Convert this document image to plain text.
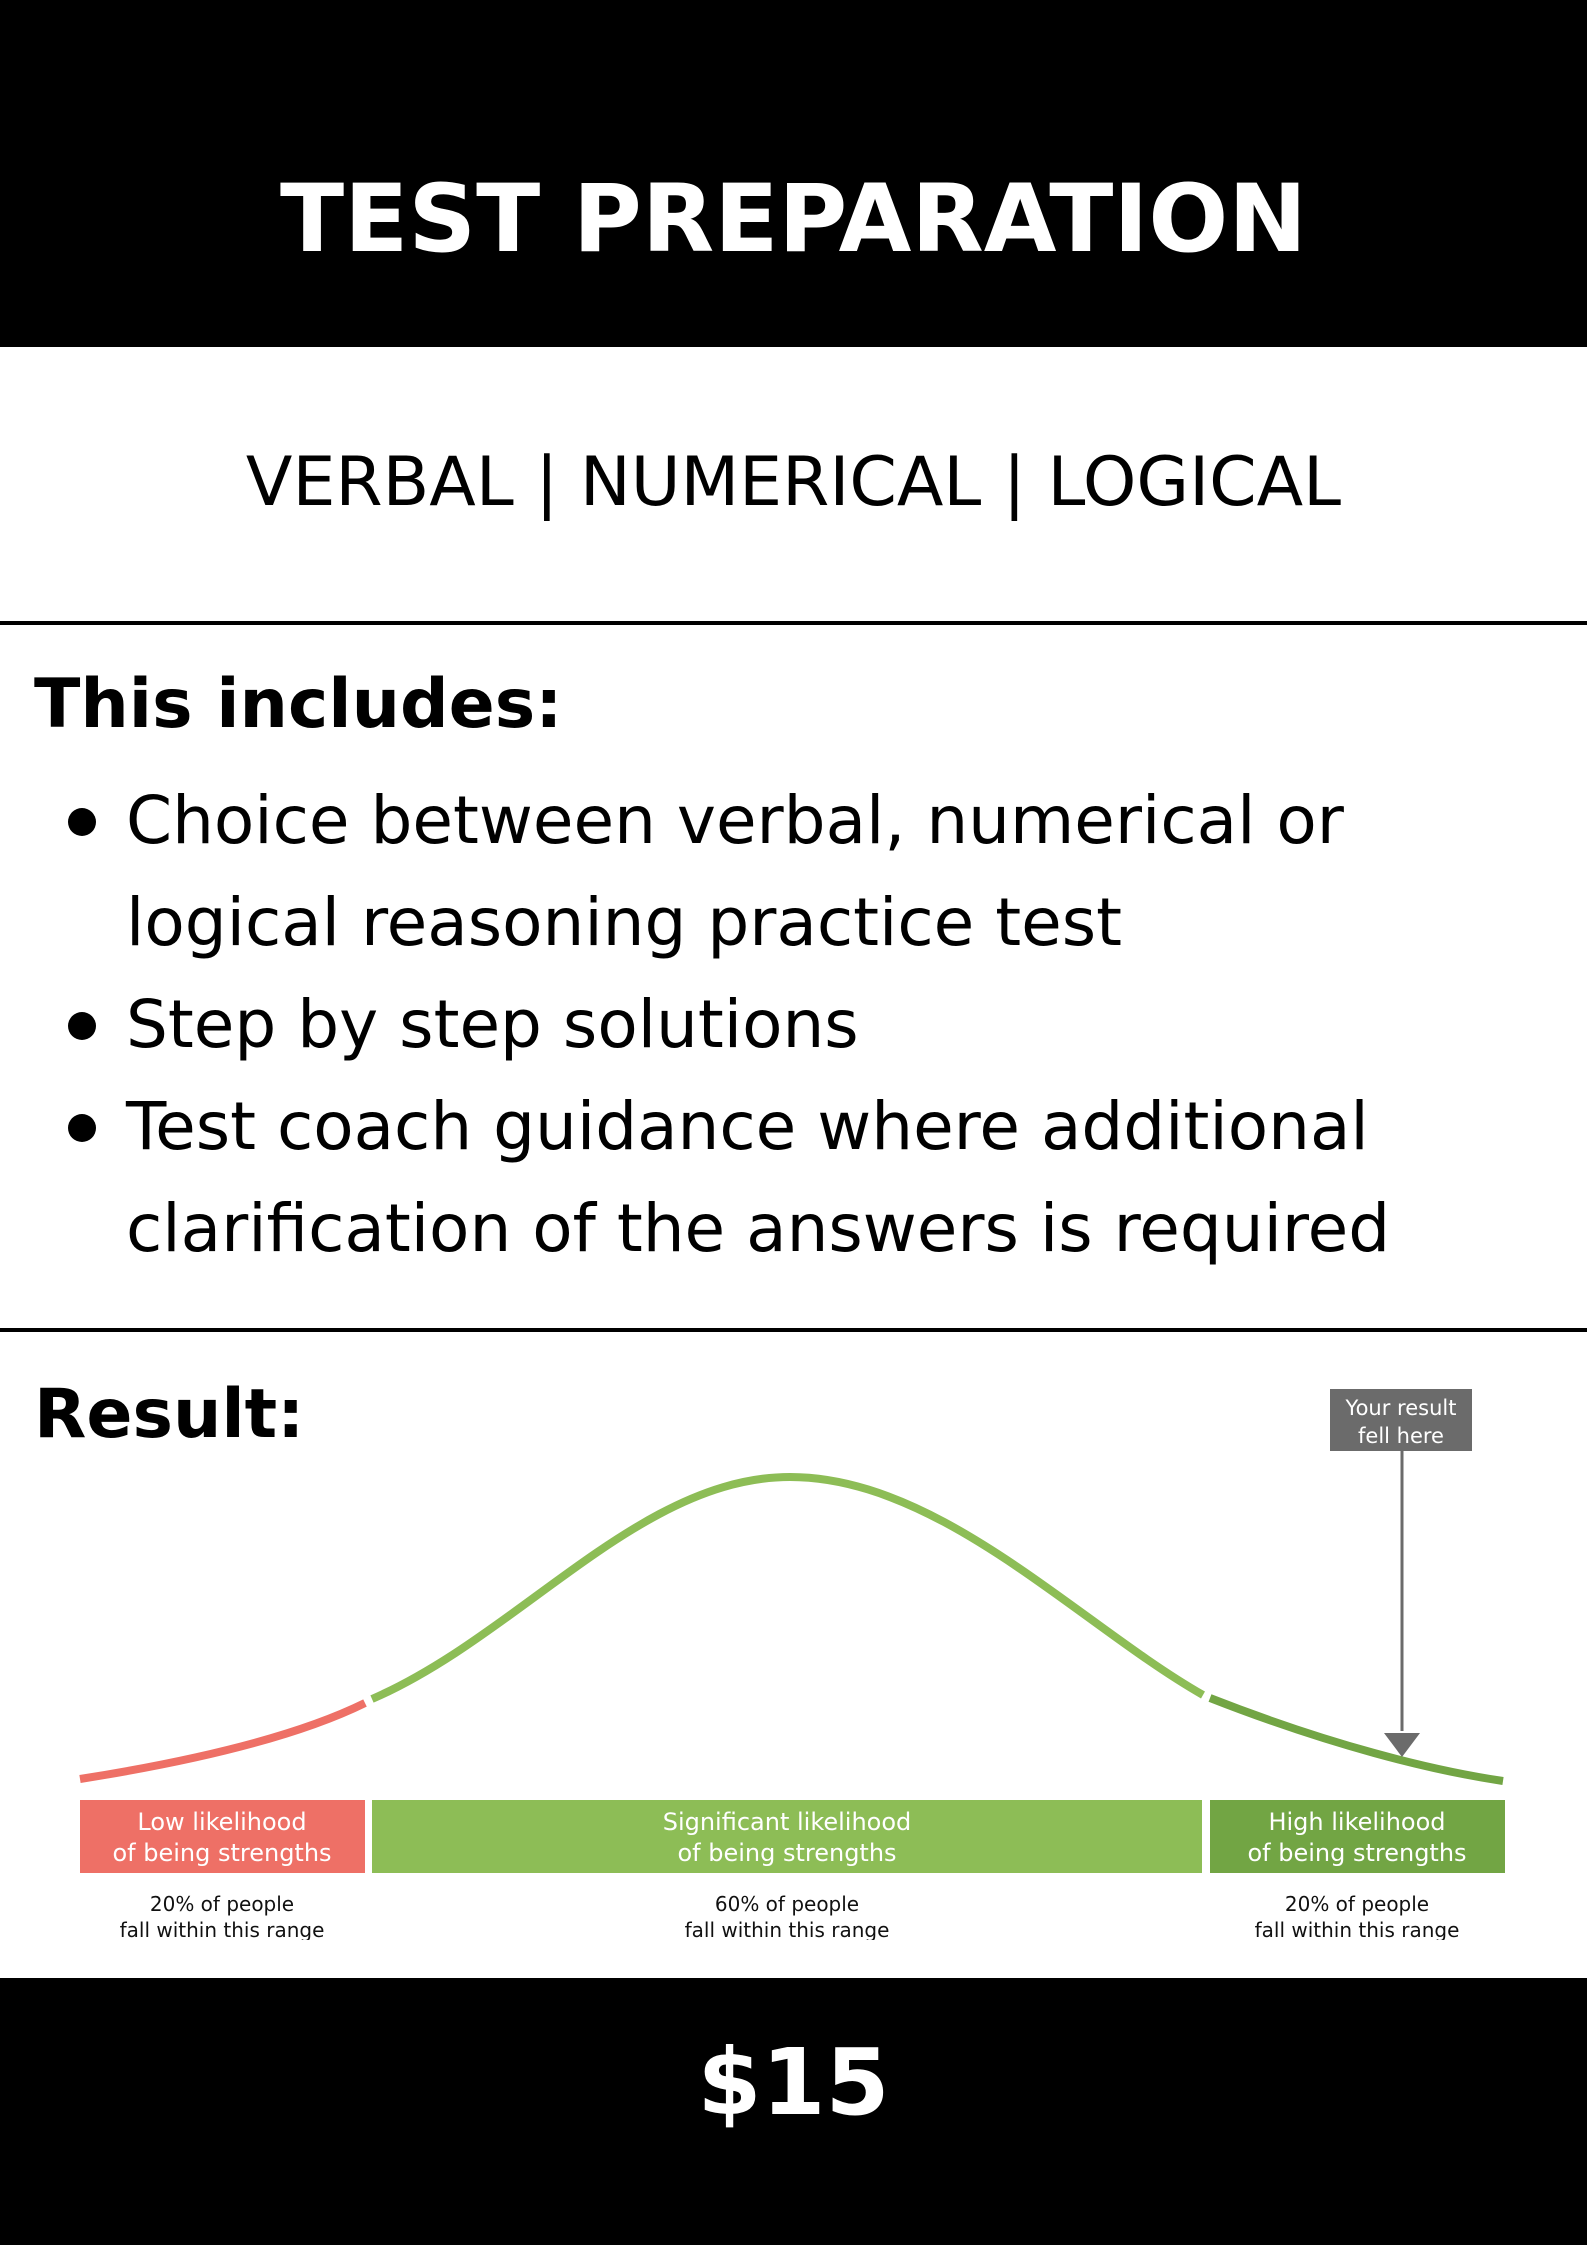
TEST PREPARATION
VERBAL | NUMERICAL | LOGICAL
This includes:
Choice between verbal, numerical or
logical reasoning practice test
Step by step solutions
Test coach guidance where additional
clarification of the answers is required
Your result
fell here
Low likelihood
of being strengths
Significant likelihood
of being strengths
High likelihood
of being strengths
20% of people
fall within this range
60% of people
fall within this range
20% of people
fall within this range
Result:
$15
